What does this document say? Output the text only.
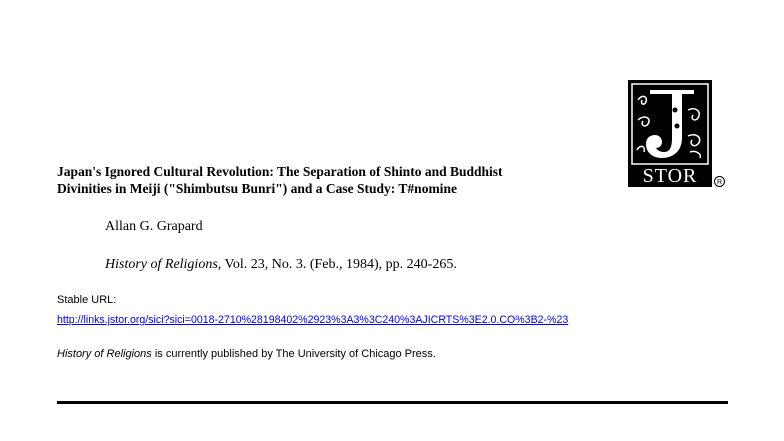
STOR	R
Japan's Ignored Cultural Revolution: The Separation of Shinto and Buddhist
Divinities in Meiji ("Shimbutsu Bunri") and a Case Study: T#nomine
Allan G. Grapard
History of Religions, Vol. 23, No. 3. (Feb., 1984), pp. 240-265.
Stable URL:
http://links.jstor.org/sici?sici=0018-2710%28198402%2923%3A3%3C240%3AJICRTS%3E2.0.CO%3B2-%23
History of Religions is currently published by The University of Chicago Press.
